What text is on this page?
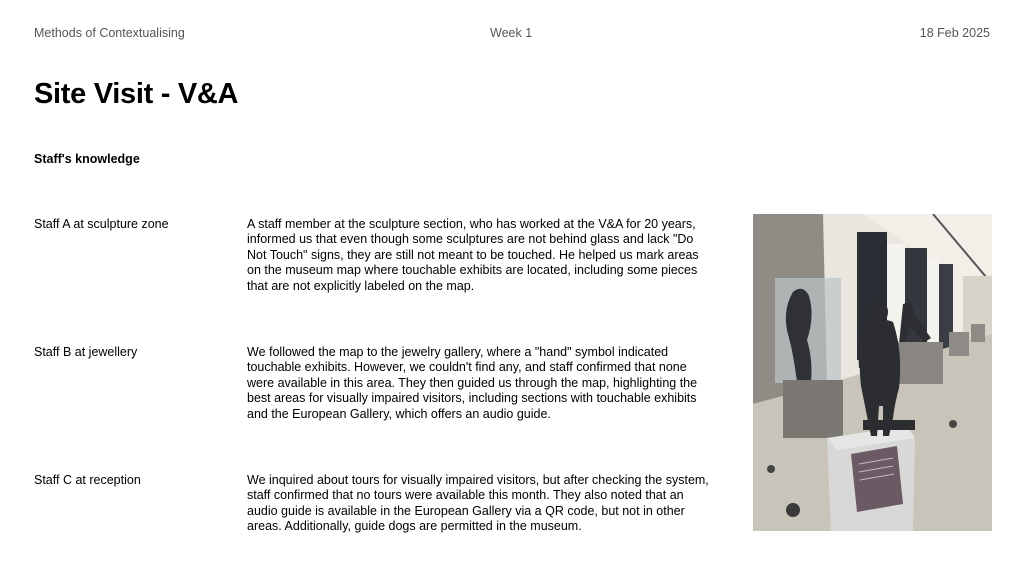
Methods of Contextualising	Week 1	18 Feb 2025
Site Visit - V&A
Staff's knowledge
Staff A at sculpture zone	A staff member at the sculpture section, who has worked at the V&A for 20 years, informed us that even though some sculptures are not behind glass and lack "Do Not Touch" signs, they are still not meant to be touched. He helped us mark areas on the museum map where touchable exhibits are located, including some pieces that are not explicitly labeled on the map.

Staff B at jewellery	We followed the map to the jewelry gallery, where a "hand" symbol indicated touchable exhibits. However, we couldn't find any, and staff confirmed that none were available in this area. They then guided us through the map, highlighting the best areas for visually impaired visitors, including sections with touchable exhibits and the European Gallery, which offers an audio guide.

Staff C at reception	We inquired about tours for visually impaired visitors, but after checking the system, staff confirmed that no tours were available this month. They also noted that an audio guide is available in the European Gallery via a QR code, but not in other areas. Additionally, guide dogs are permitted in the museum.
